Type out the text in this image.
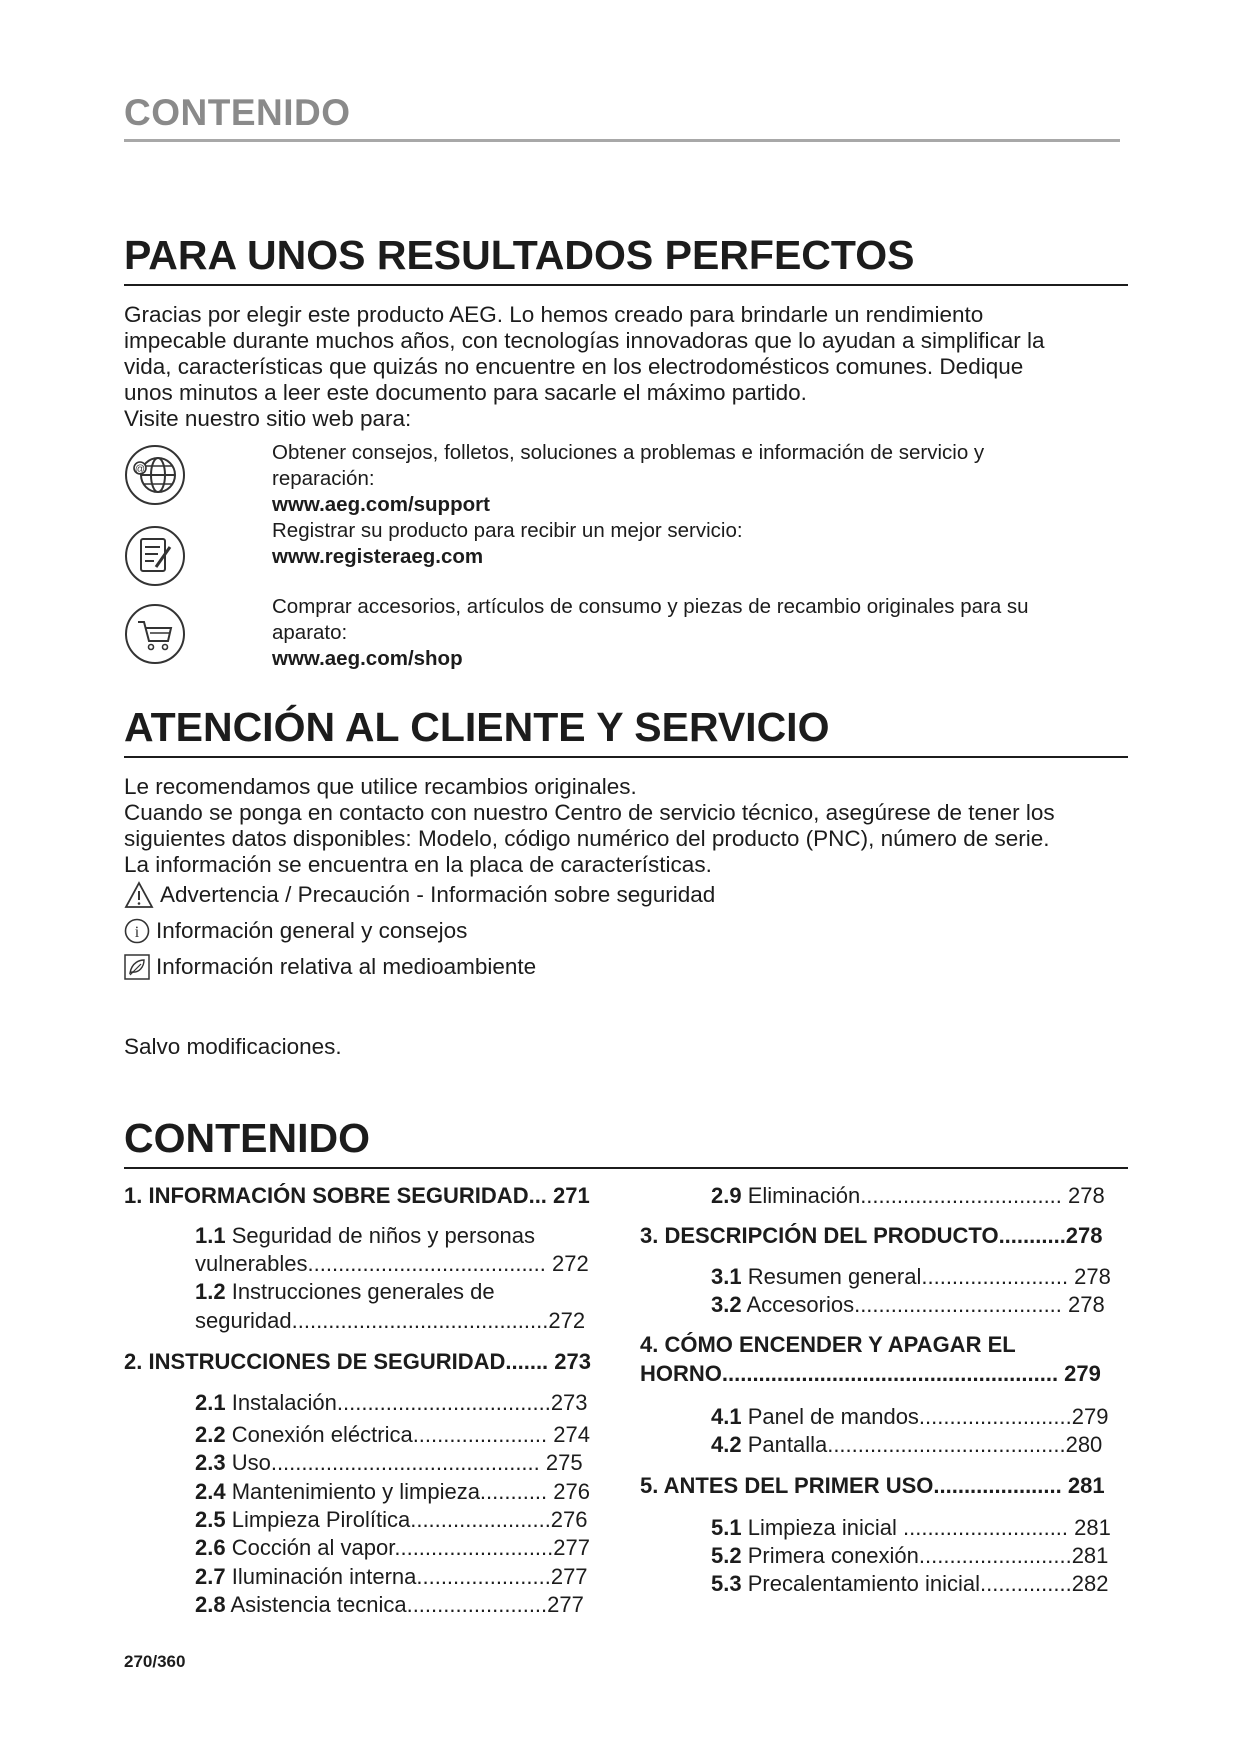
CONTENIDO
PARA UNOS RESULTADOS PERFECTOS
Gracias por elegir este producto AEG. Lo hemos creado para brindarle un rendimiento
impecable durante muchos años, con tecnologías innovadoras que lo ayudan a simplificar la
vida, características que quizás no encuentre en los electrodomésticos comunes. Dedique
unos minutos a leer este documento para sacarle el máximo partido.
Visite nuestro sitio web para:
@
Obtener consejos, folletos, soluciones a problemas e información de servicio y
reparación:
www.aeg.com/support
Registrar su producto para recibir un mejor servicio:
www.registeraeg.com
Comprar accesorios, artículos de consumo y piezas de recambio originales para su
aparato:
www.aeg.com/shop
ATENCIÓN AL CLIENTE Y SERVICIO
Le recomendamos que utilice recambios originales.
Cuando se ponga en contacto con nuestro Centro de servicio técnico, asegúrese de tener los
siguientes datos disponibles: Modelo, código numérico del producto (PNC), número de serie.
La información se encuentra en la placa de características.
Advertencia / Precaución - Información sobre seguridad
i Información general y consejos
Información relativa al medioambiente
Salvo modificaciones.
CONTENIDO
1. INFORMACIÓN SOBRE SEGURIDAD... 271
1.1 Seguridad de niños y personas
vulnerables....................................... 272
1.2 Instrucciones generales de
seguridad..........................................272
2. INSTRUCCIONES DE SEGURIDAD....... 273
2.1 Instalación...................................273
2.2 Conexión eléctrica...................... 274
2.3 Uso............................................ 275
2.4 Mantenimiento y limpieza........... 276
2.5 Limpieza Pirolítica.......................276
2.6 Cocción al vapor..........................277
2.7 Iluminación interna......................277
2.8 Asistencia tecnica.......................277
2.9 Eliminación................................. 278
3. DESCRIPCIÓN DEL PRODUCTO...........278
3.1 Resumen general........................ 278
3.2 Accesorios.................................. 278
4. CÓMO ENCENDER Y APAGAR EL
HORNO....................................................... 279
4.1 Panel de mandos.........................279
4.2 Pantalla.......................................280
5. ANTES DEL PRIMER USO..................... 281
5.1 Limpieza inicial ........................... 281
5.2 Primera conexión.........................281
5.3 Precalentamiento inicial...............282
270/360
